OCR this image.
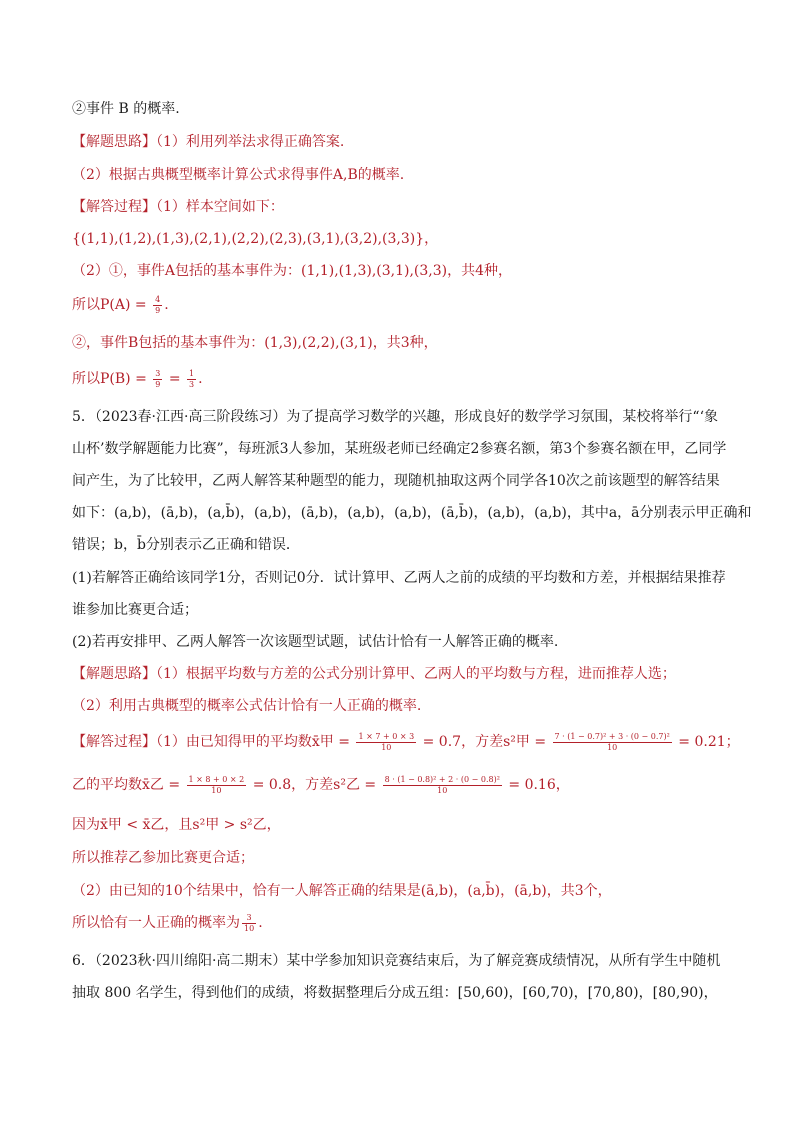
②事件 B 的概率.
【解题思路】（1）利用列举法求得正确答案.
（2）根据古典概型概率计算公式求得事件A,B的概率.
【解答过程】（1）样本空间如下：
{(1,1),(1,2),(1,3),(2,1),(2,2),(2,3),(3,1),(3,2),(3,3)}，
（2）①，事件A包括的基本事件为：(1,1),(1,3),(3,1),(3,3)，共4种，
所以$P(A) = \frac{4}{9}$ .
②，事件B包括的基本事件为：(1,3),(2,2),(3,1)，共3种，
所以$P(B) = \frac{3}{9} = \frac{1}{3}$ .
5．（2023春·江西·高三阶段练习）为了提高学习数学的兴趣，形成良好的数学学习氛围，某校将举行“‘象
山杯’数学解题能力比赛”，每班派3人参加，某班级老师已经确定2参赛名额，第3个参赛名额在甲，乙同学
间产生，为了比较甲，乙两人解答某种题型的能力，现随机抽取这两个同学各10次之前该题型的解答结果
如下：(a,b)，(ā,b)，(a,b̄)，(a,b)，(ā,b)，(a,b)，(a,b)，(ā,b̄)，(a,b)，(a,b)，其中a，ā分别表示甲正确和
错误；b，b̄分别表示乙正确和错误．
(1)若解答正确给该同学1分，否则记0分．试计算甲、乙两人之前的成绩的平均数和方差，并根据结果推荐
谁参加比赛更合适；
(2)若再安排甲、乙两人解答一次该题型试题，试估计恰有一人解答正确的概率.
【解题思路】（1）根据平均数与方差的公式分别计算甲、乙两人的平均数与方程，进而推荐人选；
（2）利用古典概型的概率公式估计恰有一人正确的概率.
【解答过程】（1）由已知得甲的平均数x̄甲 = $\frac{1 \times 7 + 0 \times 3}{10} = 0.7$，方差s²甲 = $\frac{\text{7 · (1 − 0.7)² + 3 · (0 − 0.7)²}}{10} = 0.21$；
乙的平均数x̄乙 = $\frac{1 \times 8 + 0 \times 2}{10} = 0.8$，方差s²乙 = $\frac{\text{8 · (1 − 0.8)² + 2 · (0 − 0.8)²}}{10} = 0.16$，
因为x̄甲 < x̄乙，且s²甲 > s²乙，
所以推荐乙参加比赛更合适；
（2）由已知的10个结果中，恰有一人解答正确的结果是(ā,b)，(a,b̄)，(ā,b)，共3个，
所以恰有一人正确的概率为 $\frac{3}{10}$ .
6．（2023秋·四川绵阳·高二期末）某中学参加知识竞赛结束后，为了解竞赛成绩情况，从所有学生中随机
抽取 800 名学生，得到他们的成绩，将数据整理后分成五组：[50,60)，[60,70)，[70,80)，[80,90)，
